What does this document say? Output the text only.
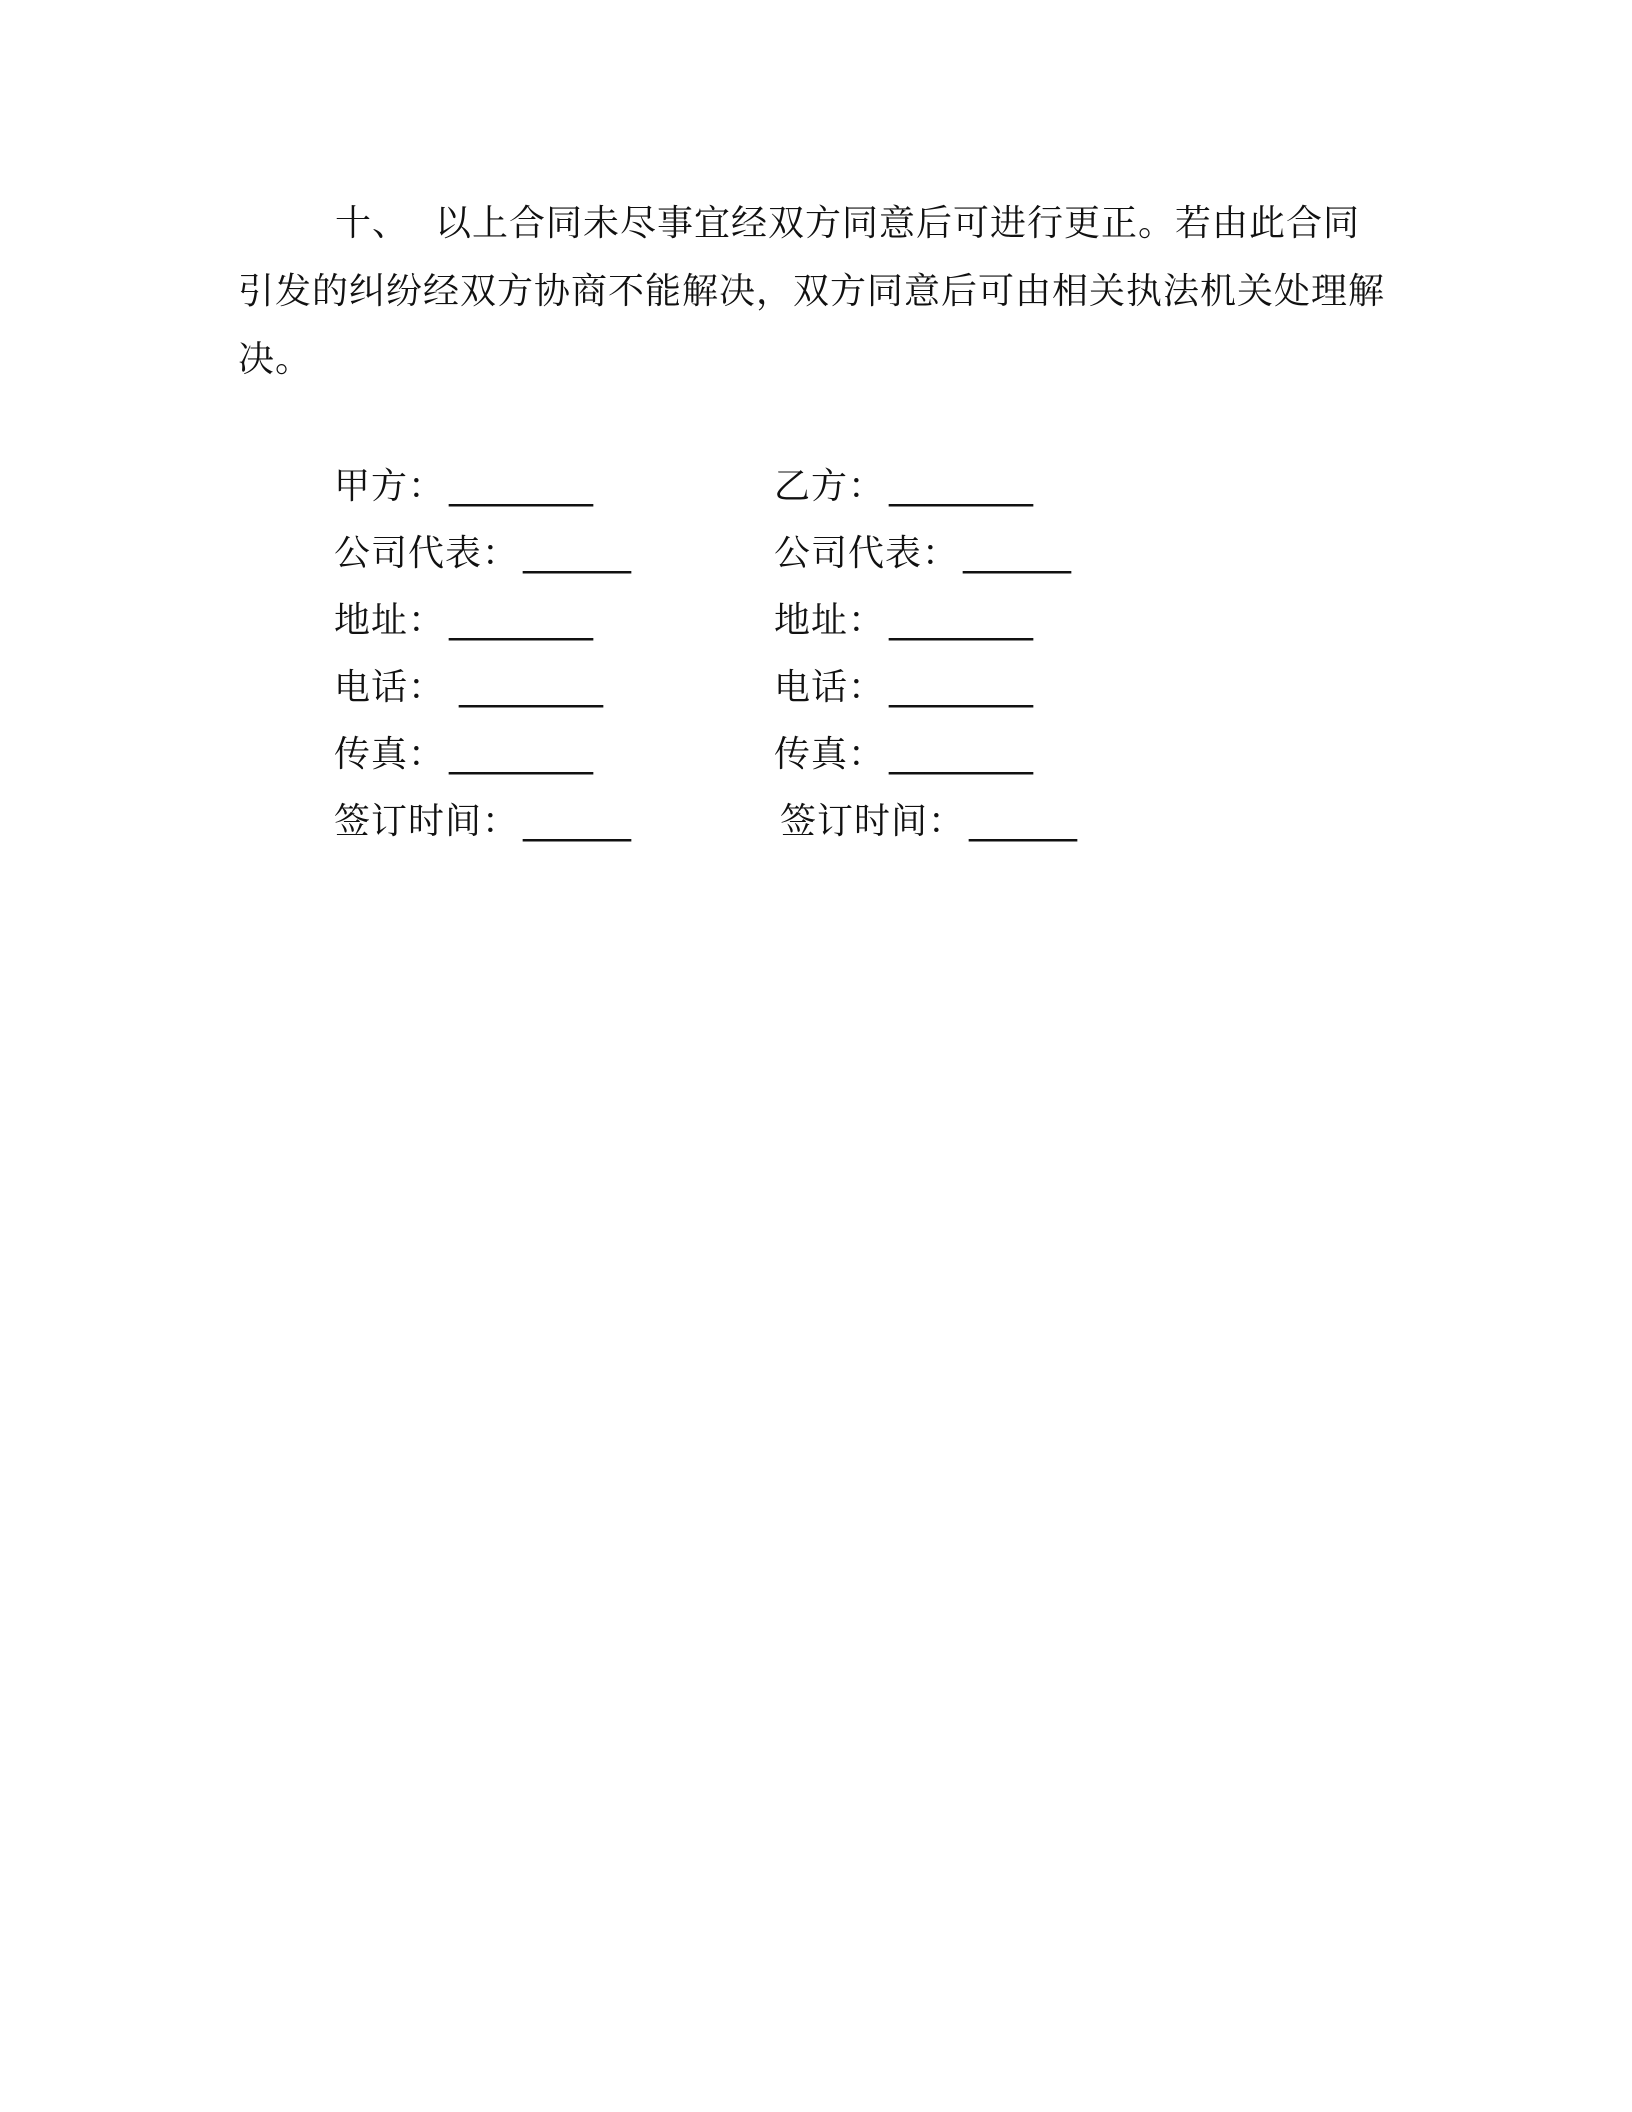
十、 以上合同未尽事宜经双方同意后可进行更正。若由此合同引发的纠纷经双方协商不能解决，双方同意后可由相关执法机关处理解决。

甲方： ________	乙方： ________
公司代表： ______	公司代表： ______
地址： ________	地址： ________
电话： ________	电话： ________
传真： ________	传真： ________
签订时间： ______	签订时间： ______
